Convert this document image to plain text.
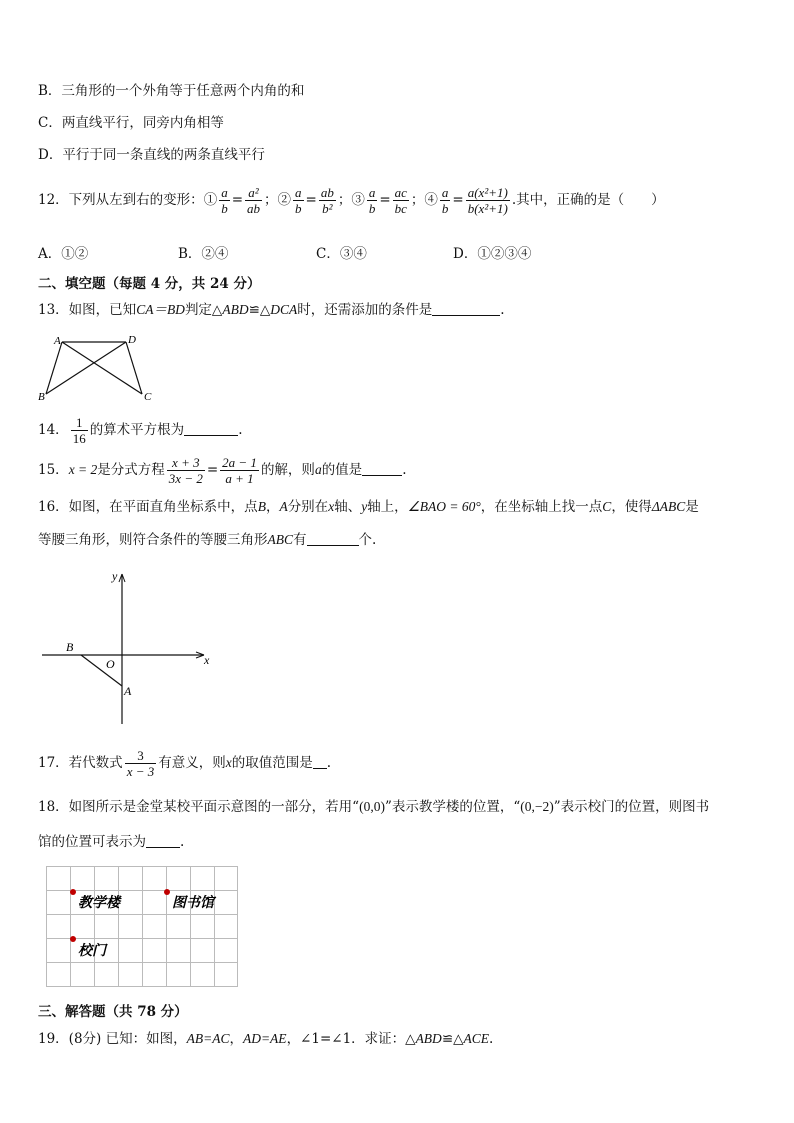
B．三角形的一个外角等于任意两个内角的和
C．两直线平行，同旁内角相等
D．平行于同一条直线的两条直线平行
12．下列从左到右的变形：① $\frac{a}{b} = \frac{\text{a²}}{ab}$ ；② $\frac{a}{b} = \frac{ab}{\text{b²}}$ ；③ $\frac{a}{b} = \frac{ac}{bc}$ ；④ $\frac{a}{b} = \frac{\text{a(x²+1)}}{\text{b(x²+1)}}$ .其中，正确的是（　　）
A．①②	B．②④	C．③④	D．①②③④
二、填空题（每题 4 分，共 24 分）
13．如图，已知CA＝BD判定△ABD≌△DCA时，还需添加的条件是	.
A	D
B	C
14． $\frac{1}{16}$ 的算术平方根为	.
15．x = 2是分式方程 $\frac{x + 3}{3x - 2} = \frac{2a - 1}{a + 1}$ 的解，则a的值是	.
16．如图，在平面直角坐标系中，点B，A分别在x轴、y轴上，∠BAO = 60°，在坐标轴上找一点C，使得ΔABC是
等腰三角形，则符合条件的等腰三角形ABC有	个.
y
x
O
B
A
17．若代数式 $\frac{3}{x - 3}$ 有意义，则x的取值范围是 .
18．如图所示是金堂某校平面示意图的一部分，若用“(0,0)”表示教学楼的位置，“(0,−2)”表示校门的位置，则图书
馆的位置可表示为	.
教学楼	图书馆
校门
三、解答题（共 78 分）
19．(8分) 已知：如图，AB=AC，AD=AE，∠1=∠1．求证：△ABD≌△ACE.
